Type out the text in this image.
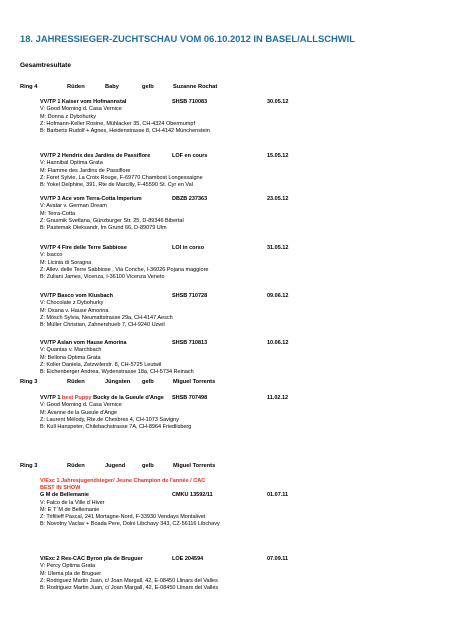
18. JAHRESSIEGER-ZUCHTSCHAU VOM 06.10.2012 IN BASEL/ALLSCHWIL
Gesamtresultate
Ring 4	Rüden	Baby	gelb	Suzanne Rochat
VV/TP 1 Kaiser vom Hofmannstal	SHSB 710083	30.05.12
V: Good Morning d. Casa Vernice
M: Donna z Dybohurky
Z: Hofmann-Keller Rosine, Mühlacker 35, CH-4324 Obermumpf
B: Barberis Rudolf + Agnes, Heidenstrasse 8, CH-4142 Münchenstein
VV/TP 2 Hendrix des Jardins de Passiflore	LOF en cours	15.05.12
V: Hannibal Optima Grata
M: Flamme des Jardins de Passiflore
Z: Foret Sylvie, La Croix Rouge, F-69770 Chambost Longessaigne
B: Yokel Delphine, 391, Rte de Marcilly, F-45590 St. Cyr en Val
VV/TP 3 Ace vom Terra-Cotta Imperium	DBZB 237363	23.05.12
V: Avatar v. German Dream
M: Terra-Cotta
Z: Grasmik Svetlana, Günzburger Str. 25, D-89346 Bibertal
B: Pastemak Oleksandr, Im Grund 66, D-89079 Ulm
VV/TP 4 Fire delle Terre Sabbiose	LOI in corso	31.05.12
V: Isacco
M: Licinia di Soragna
Z: Allev. delle Terre Sabbiose , Via Conche, I-36026 Pojana maggiore
B: Zuliani James, Vicenza, I-36100 Vicenza Veneto
VV/TP Basco vom Klusbach	SHSB 710728	09.06.12
V: Chocolate z Dybohurky
M: Oxana v. Hause Amorina
Z: Mösch Sylvia, Neumattstrasse 29a, CH-4147 Aesch
B: Müller Christian, Zahnershueb 7, CH-9240 Uzwil
VV/TP Aslan vom Hause Amorina	SHSB 710813	10.06.12
V: Quantas v. Marchbach
M: Bellona Optima Grata
Z: Koller Daniela, Zetzwilerstr. 8, CH-5725 Leutwil
B: Eichenberger Andrea, Wydenstrasse 18a, CH-5734 Reinach
Ring 3	Rüden	Jüngsten gelb	Miguel Torrents
VV/TP 1 best Puppy Bucky de la Gueule d'Ange SHSB 707498	11.02.12
V: Good Morning d. Casa Vernice
M: Avanne de la Gueule d'Ange
Z: Laurent Mélody, Rte.de Chexbres 4, CH-1073 Savigny
B: Kull Hanspeter, Chilebachstrasse 7A, CH-8964 Friedlisberg
Ring 3	Rüden	Jugend	gelb	Miguel Torrents
V/Exc 1 Jahresjugendsieger/ Jeune Champion de l'année / CAC
BEST IN SHOW
G M de Bellemanie	CMKU 13592/11	01.07.11
V: Falco de la Ville d´Hiver
M: E´T´M de Bellemanie
Z: Trifilieff Pascal, 241 Mortagne-Nord, F-33930 Vendays Montalivet
B: Novotny Vaclav + Boada Pere, Dolni Libchavy 343, CZ-56116 Libchavy
V/Exc 2 Res-CAC Byron pla de Bruguer	LOE 204594	07.09.11
V: Percy Optima Grata
M: Ulema pla de Bruguer
Z: Rodriguez Martin Juan, c/ Joan Margall, 42, E-08450 Llinars del Valles
B: Rodriguez Martin Juan, c/ Joan Margall, 42, E-08450 Llinars del Valles
